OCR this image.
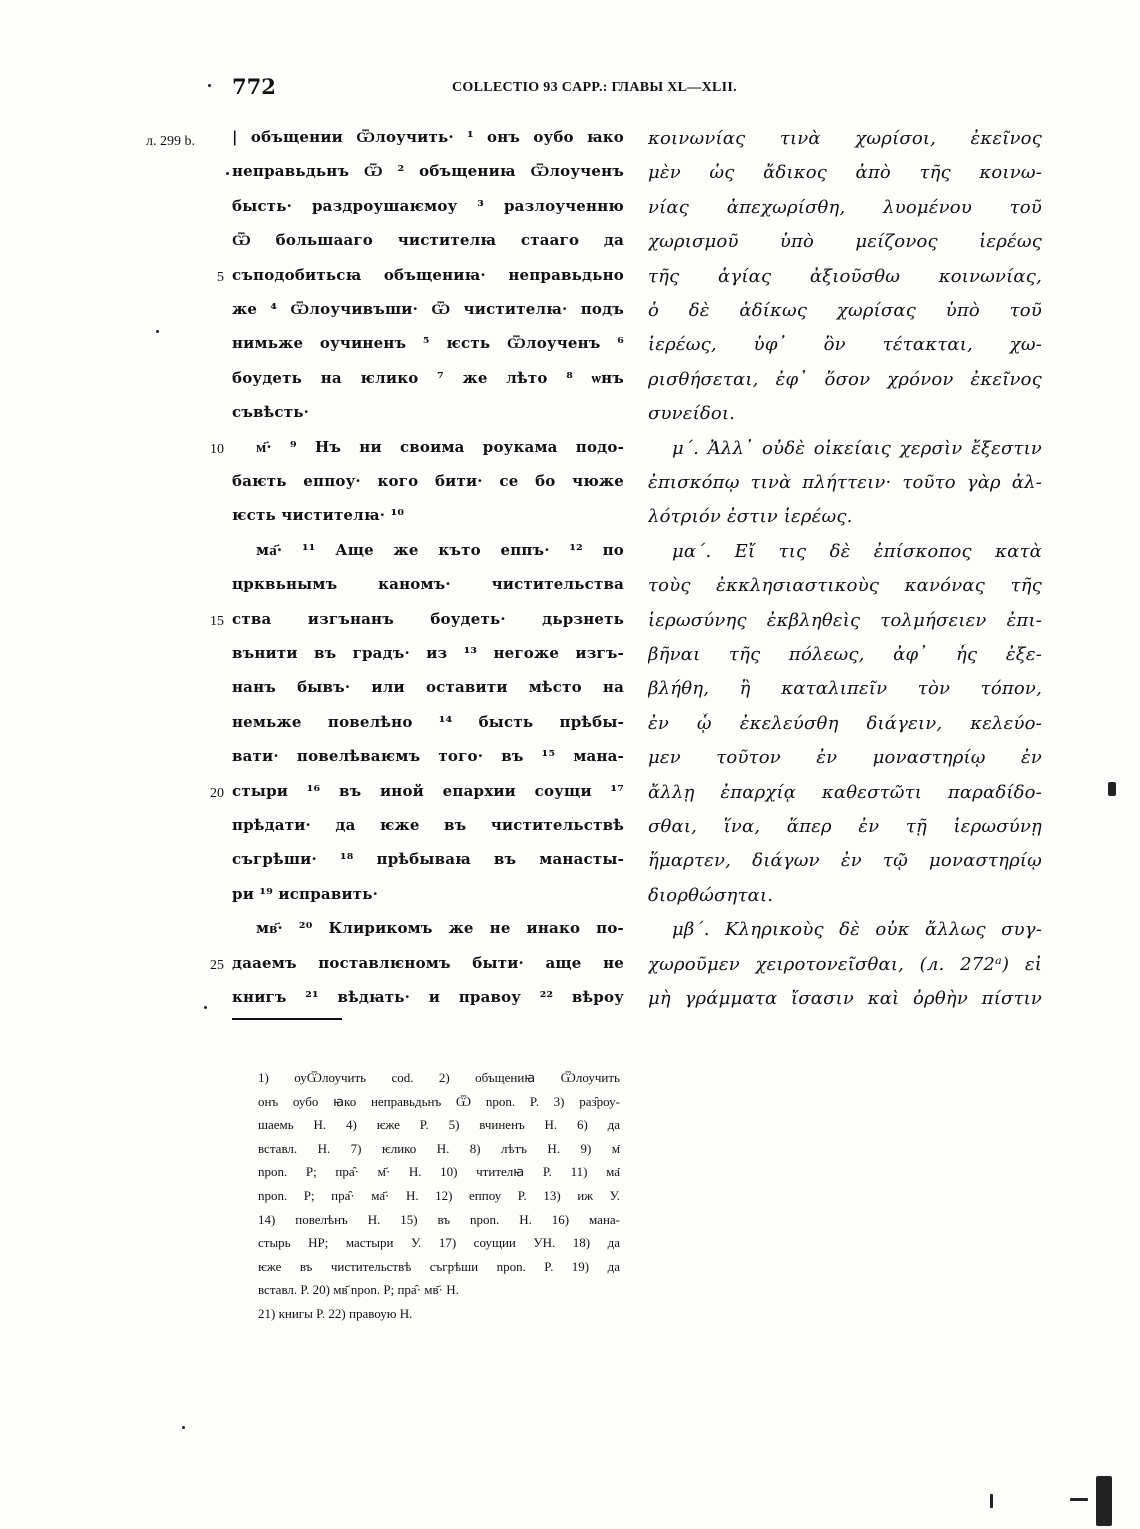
772	COLLECTIO 93 CAPP.: ГЛАВЫ XL—XLII.
л. 299 b. | объщении Ѿлоучить· ¹ онъ оубо ꙗко
неправьдьнъ Ѿ ² объщениꙗ Ѿлоученъ
бысть· раздроушаѥмоу ³ разлоученню
Ѿ большааго чистителꙗ стааго да
съподобитьсꙗ объщениꙗ· неправьдьно
же ⁴ Ѿлоучивъши· Ѿ чистителꙗ· подъ
нимьже оучиненъ ⁵ ѥсть Ѿлоученъ ⁶
боудеть на ѥлико ⁷ же лѣто ⁸ ѡнъ
съвѣсть·
м҃· ⁹ Нъ ни своима роукама подо-
баѥть еппоу· кого бити· се бо чюже
ѥсть чистителꙗ· ¹⁰
ма҃· ¹¹ Аще же къто еппъ· ¹² по
црквьнымъ каномъ· чистительства
ства изгънанъ боудеть· дьрзнеть
вънити въ градъ· из ¹³ негоже изгъ-
нанъ бывъ· или оставити мѣсто на
немьже повелѣно ¹⁴ бысть прѣбы-
вати· повелѣваѥмъ того· въ ¹⁵ мана-
стыри ¹⁶ въ иной епархии соущи ¹⁷
прѣдати· да ѥже въ чистительствѣ
съгрѣши· ¹⁸ прѣбываꙗ въ манасты-
ри ¹⁹ исправить·
мв҃· ²⁰ Клирикомъ же не инако по-
дааемъ поставлѥномъ быти· аще не
книгъ ²¹ вѣдꙗть· и правоу ²² вѣроу
κοινωνίας τινὰ χωρίσοι, ἐκεῖνος
μὲν ὡς ἄδικος ἀπὸ τῆς κοινω-
νίας ἀπεχωρίσθη, λυομένου τοῦ
χωρισμοῦ ὑπὸ μείζονος ἱερέως
τῆς ἁγίας ἀξιοῦσθω κοινωνίας,
ὁ δὲ ἀδίκως χωρίσας ὑπὸ τοῦ
ἱερέως, ὑφ᾽ ὃν τέτακται, χω-
ρισθήσεται, ἐφ᾽ ὅσον χρόνον ἐκεῖνος
συνείδοι.
μ΄. Ἀλλ᾽ οὐδὲ οἰκείαις χερσὶν ἔξεστιν
ἐπισκόπῳ τινὰ πλήττειν· τοῦτο γὰρ ἀλ-
λότριόν ἐστιν ἱερέως.
μα΄. Εἴ τις δὲ ἐπίσκοπος κατὰ
τοὺς ἐκκλησιαστικοὺς κανόνας τῆς
ἱερωσύνης ἐκβληθεὶς τολμήσειεν ἐπι-
βῆναι τῆς πόλεως, ἀφ᾽ ἧς ἐξε-
βλήθη, ἢ καταλιπεῖν τὸν τόπον,
ἐν ᾧ ἐκελεύσθη διάγειν, κελεύο-
μεν τοῦτον ἐν μοναστηρίῳ ἐν
ἄλλῃ ἐπαρχίᾳ καθεστῶτι παραδίδο-
σθαι, ἵνα, ἅπερ ἐν τῇ ἱερωσύνῃ
ἥμαρτεν, διάγων ἐν τῷ μοναστηρίῳ
διορθώσηται.
μβ΄. Κληρικοὺς δὲ οὐκ ἄλλως συγ-
χωροῦμεν χειροτονεῖσθαι, (л. 272ᵃ) εἰ
μὴ γράμματα ἴσασιν καὶ ὀρθὴν πίστιν
5
10
15
20
25
1) оуѾлоучить cod. 2) объщениꙗ Ѿлоучить
онъ оубо ꙗко неправьдьнъ Ѿ npon. P. 3) раз̑роу-
шаемь H. 4) ѥже P. 5) вчиненъ H. 6) да
вставл. H. 7) ѥлико H. 8) лѣтъ H. 9) м҃
npon. P; пра̑· м҃· H. 10) чтителꙗ P. 11) ма҃
npon. P; пра̑· ма҃· H. 12) еппоу P. 13) иж У.
14) повелѣнъ H. 15) въ npon. H. 16) мана-
стырь HP; мастыри У. 17) соущии УH. 18) да
ѥже въ чистительствѣ съгрѣши npon. P. 19) да
вставл. P. 20) мв҃ npon. P; пра̑· мв҃· H.
21) книгы P. 22) правоую H.
